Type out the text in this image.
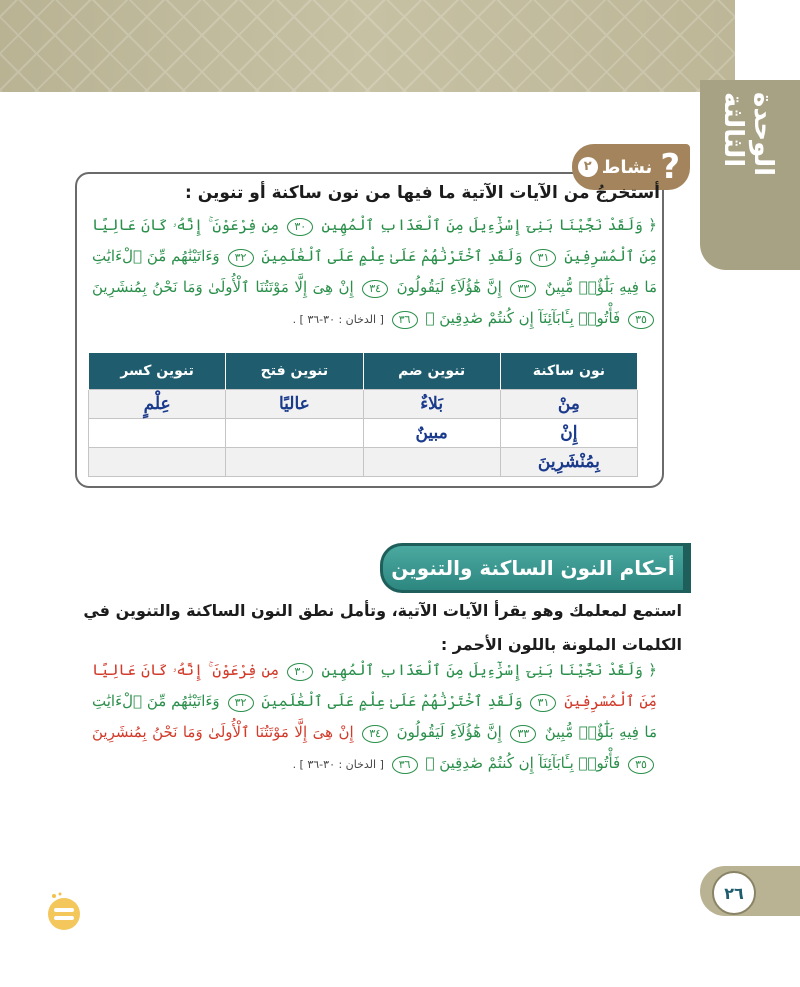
الوحدة الثالثة
?
نشاط
٢
أستخرجُ من الآيات الآتية ما فيها من نون ساكنة أو تنوين :
﴿ وَلَقَدْ نَجَّيْنَا بَنِىٓ إِسْرَٰٓءِيلَ مِنَ ٱلْعَذَابِ ٱلْمُهِينِ ٣٠ مِن فِرْعَوْنَ ۚ إِنَّهُۥ كَانَ عَالِيًا مِّنَ ٱلْمُسْرِفِينَ ٣١ وَلَقَدِ ٱخْتَرْنَٰهُمْ عَلَىٰ عِلْمٍ عَلَى ٱلْعَٰلَمِينَ ٣٢ وَءَاتَيْنَٰهُم مِّنَ ٱلْءَايَٰتِ مَا فِيهِ بَلَٰٓؤٌا۟ مُّبِينٌ ٣٣ إِنَّ هَٰٓؤُلَآءِ لَيَقُولُونَ ٣٤ إِنْ هِىَ إِلَّا مَوْتَتُنَا ٱلْأُولَىٰ وَمَا نَحْنُ بِمُنشَرِينَ ٣٥ فَأْتُوا۟ بِـَٔابَآئِنَآ إِن كُنتُمْ صَٰدِقِينَ ﴾ ٣٦ [ الدخان : ٣٠-٣٦ ] .
نون ساكنة	تنوين ضم	تنوين فتح	تنوين كسر
مِنْ	بَلاءٌ	عاليًا	عِلْمٍ
إِنْ	مبينٌ		
بِمُنْشَرِينَ			
أحكام النون الساكنة والتنوين
استمع لمعلمك وهو يقرأ الآيات الآتية، وتأمل نطق النون الساكنة والتنوين في الكلمات الملونة باللون الأحمر :
﴿ وَلَقَدْ نَجَّيْنَا بَنِىٓ إِسْرَٰٓءِيلَ مِنَ ٱلْعَذَابِ ٱلْمُهِينِ ٣٠ مِن فِرْعَوْنَ ۚ إِنَّهُۥ كَانَ عَالِيًا مِّنَ ٱلْمُسْرِفِينَ ٣١ وَلَقَدِ ٱخْتَرْنَٰهُمْ عَلَىٰ عِلْمٍ عَلَى ٱلْعَٰلَمِينَ ٣٢ وَءَاتَيْنَٰهُم مِّنَ ٱلْءَايَٰتِ مَا فِيهِ بَلَٰٓؤٌا۟ مُّبِينٌ ٣٣ إِنَّ هَٰٓؤُلَآءِ لَيَقُولُونَ ٣٤ إِنْ هِىَ إِلَّا مَوْتَتُنَا ٱلْأُولَىٰ وَمَا نَحْنُ بِمُنشَرِينَ ٣٥ فَأْتُوا۟ بِـَٔابَآئِنَآ إِن كُنتُمْ صَٰدِقِينَ ﴾ ٣٦ [ الدخان : ٣٠-٣٦ ] .
٢٦
